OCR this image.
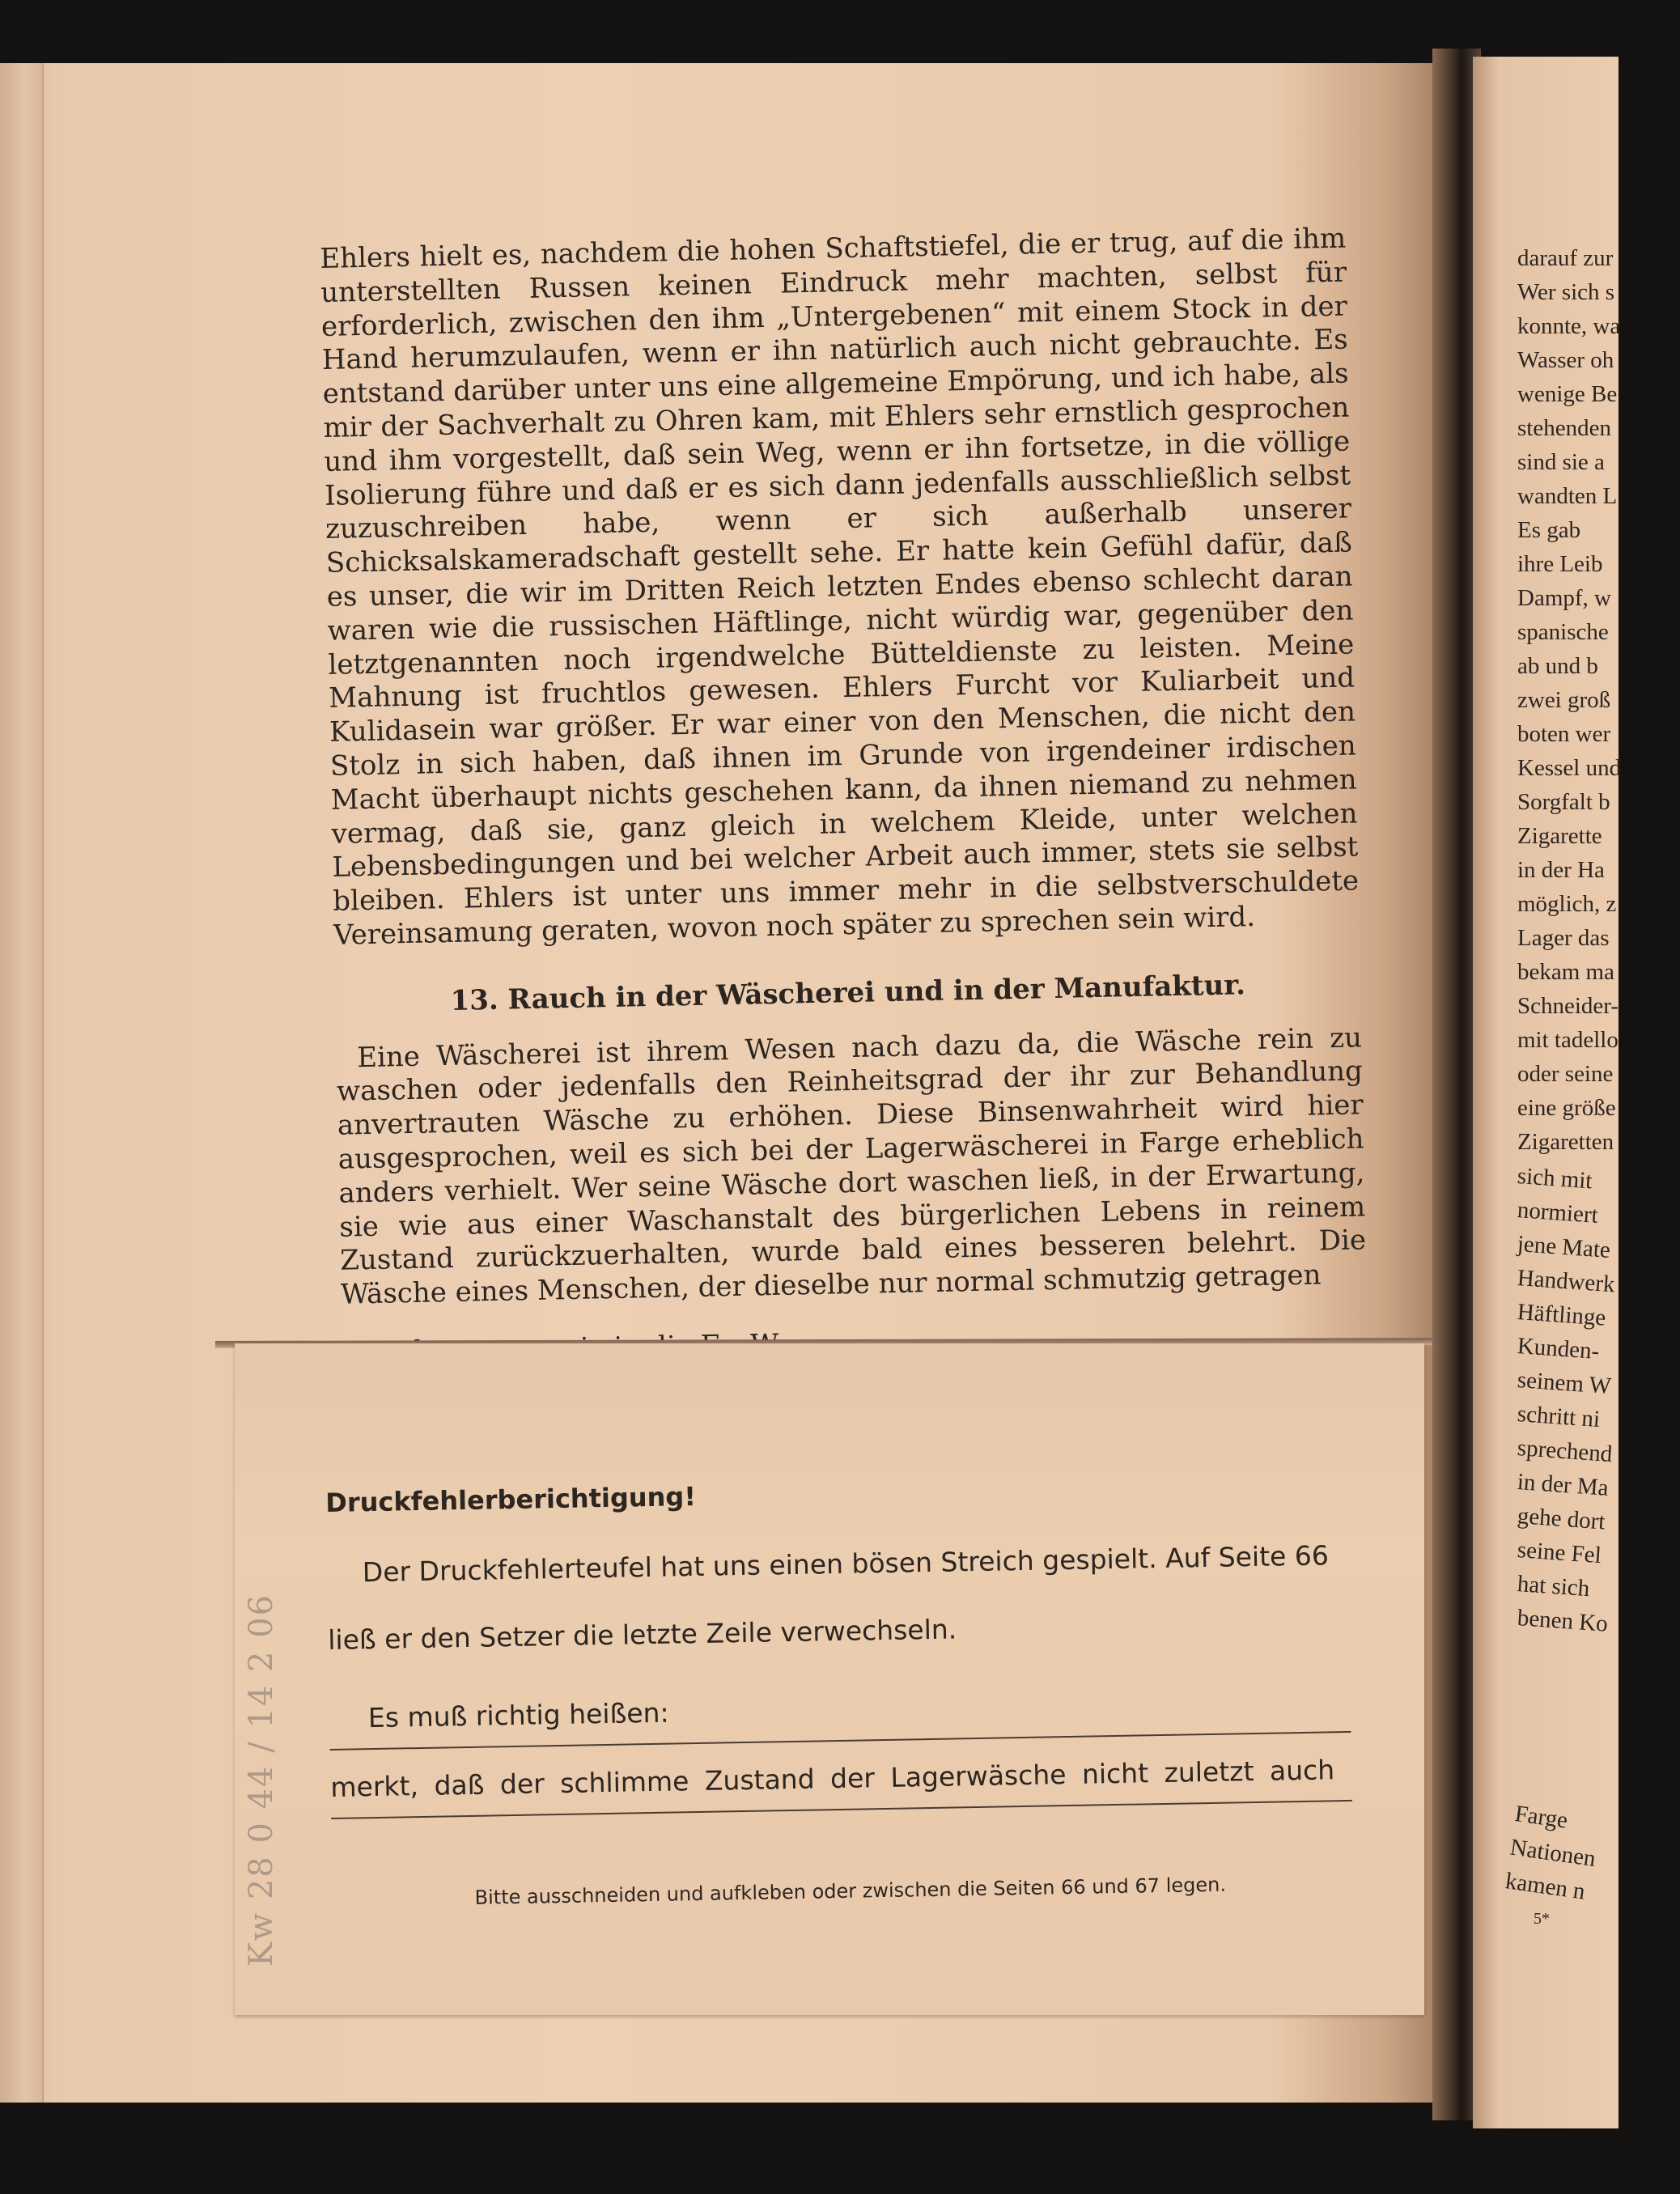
Ehlers hielt es, nachdem die hohen Schaftstiefel, die er trug, auf die ihm unterstellten Russen keinen Eindruck mehr machten, selbst für erforderlich, zwischen den ihm „Untergebenen“ mit einem Stock in der Hand herumzulaufen, wenn er ihn natürlich auch nicht gebrauchte. Es entstand darüber unter uns eine allgemeine Empörung, und ich habe, als mir der Sachverhalt zu Ohren kam, mit Ehlers sehr ernstlich gesprochen und ihm vorgestellt, daß sein Weg, wenn er ihn fortsetze, in die völlige Isolierung führe und daß er es sich dann jedenfalls ausschließlich selbst zuzuschreiben habe, wenn er sich außerhalb unserer Schicksalskameradschaft gestellt sehe. Er hatte kein Gefühl dafür, daß es unser, die wir im Dritten Reich letzten Endes ebenso schlecht daran waren wie die russischen Häftlinge, nicht würdig war, gegenüber den letztgenannten noch irgendwelche Bütteldienste zu leisten. Meine Mahnung ist fruchtlos gewesen. Ehlers Furcht vor Kuliarbeit und Kulidasein war größer. Er war einer von den Menschen, die nicht den Stolz in sich haben, daß ihnen im Grunde von irgendeiner irdischen Macht überhaupt nichts geschehen kann, da ihnen niemand zu nehmen vermag, daß sie, ganz gleich in welchem Kleide, unter welchen Lebensbedingungen und bei welcher Arbeit auch immer, stets sie selbst bleiben. Ehlers ist unter uns immer mehr in die selbstverschuldete Vereinsamung geraten, wovon noch später zu sprechen sein wird.

13. Rauch in der Wäscherei und in der Manufaktur.

Eine Wäscherei ist ihrem Wesen nach dazu da, die Wäsche rein zu waschen oder jedenfalls den Reinheitsgrad der ihr zur Behandlung anvertrauten Wäsche zu erhöhen. Diese Binsenwahrheit wird hier ausgesprochen, weil es sich bei der Lagerwäscherei in Farge erheblich anders verhielt. Wer seine Wäsche dort waschen ließ, in der Erwartung, sie wie aus einer Waschanstalt des bürgerlichen Lebens in reinem Zustand zurückzuerhalten, wurde bald eines besseren belehrt. Die Wäsche eines Menschen, der dieselbe nur normal schmutzig getragen

Druckfehlerberichtigung!

Der Druckfehlerteufel hat uns einen bösen Streich gespielt. Auf Seite 66

ließ er den Setzer die letzte Zeile verwechseln.

Es muß richtig heißen:

merkt, daß der schlimme Zustand der Lagerwäsche nicht zuletzt auch

Bitte ausschneiden und aufkleben oder zwischen die Seiten 66 und 67 legen.

Kw 28 0 44 / 14 2 06
darauf zur
Wer sich s
konnte, wa
Wasser oh
wenige Be
stehenden
sind sie a
wandten L
Es gab
ihre Leib
Dampf, w
spanische
ab und b
zwei groß
boten wer
Kessel und
Sorgfalt b
Zigarette
in der Ha
möglich, z
Lager das
bekam ma
Schneider-
mit tadello
oder seine
eine größe
Zigaretten
sich mit
normiert
jene Mate
Handwerk
Häftlinge
Kunden-
seinem W
schritt ni
sprechend
in der Ma
gehe dort
seine Fel
hat sich
benen Ko
Farge
Nationen
kamen n
5*
